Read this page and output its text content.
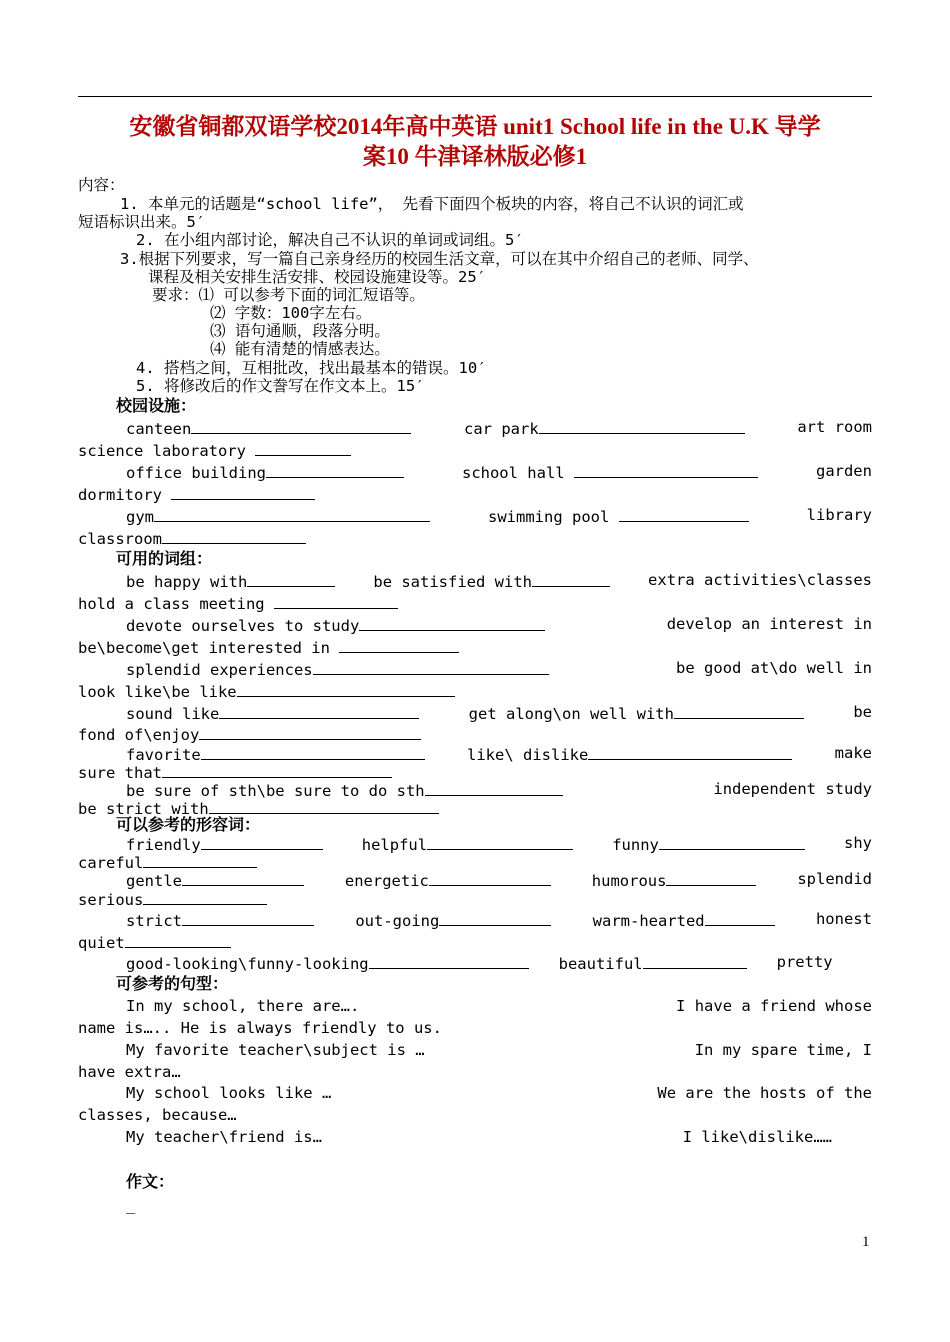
安徽省铜都双语学校2014年高中英语 unit1 School life in the U.K 导学
案10 牛津译林版必修1
内容：
1. 本单元的话题是“school life”， 先看下面四个板块的内容，将自己不认识的词汇或
短语标识出来。5′
2. 在小组内部讨论，解决自己不认识的单词或词组。5′
3.根据下列要求，写一篇自己亲身经历的校园生活文章，可以在其中介绍自己的老师、同学、
课程及相关安排生活安排、校园设施建设等。25′
要求：⑴ 可以参考下面的词汇短语等。
⑵ 字数：100字左右。
⑶ 语句通顺，段落分明。
⑷ 能有清楚的情感表达。
4. 搭档之间，互相批改，找出最基本的错误。10′
5. 将修改后的作文誊写在作文本上。15′
校园设施：
canteen	car park	art room
science laboratory
office building	school hall	garden
dormitory
gym	swimming pool	library
classroom
可用的词组：
be happy with	be satisfied with	extra activities\classes
hold a class meeting
devote ourselves to study	develop an interest in
be\become\get interested in
splendid experiences	be good at\do well in
look like\be like
sound like	get along\on well with	be
fond of\enjoy
favorite	like\ dislike	make
sure that
be sure of sth\be sure to do sth	independent study
be strict with
可以参考的形容词：
friendly	helpful	funny	shy
careful
gentle	energetic	humorous	splendid
serious
strict	out-going	warm-hearted	honest
quiet
good-looking\funny-looking	beautiful	pretty

可参考的句型：
In my school, there are….	I have a friend whose
name is….. He is always friendly to us.
My favorite teacher\subject is …	In my spare time, I
have extra…
My school looks like …	We are the hosts of the
classes, because…
My teacher\friend is…	I like\dislike……
作文：
_
1
